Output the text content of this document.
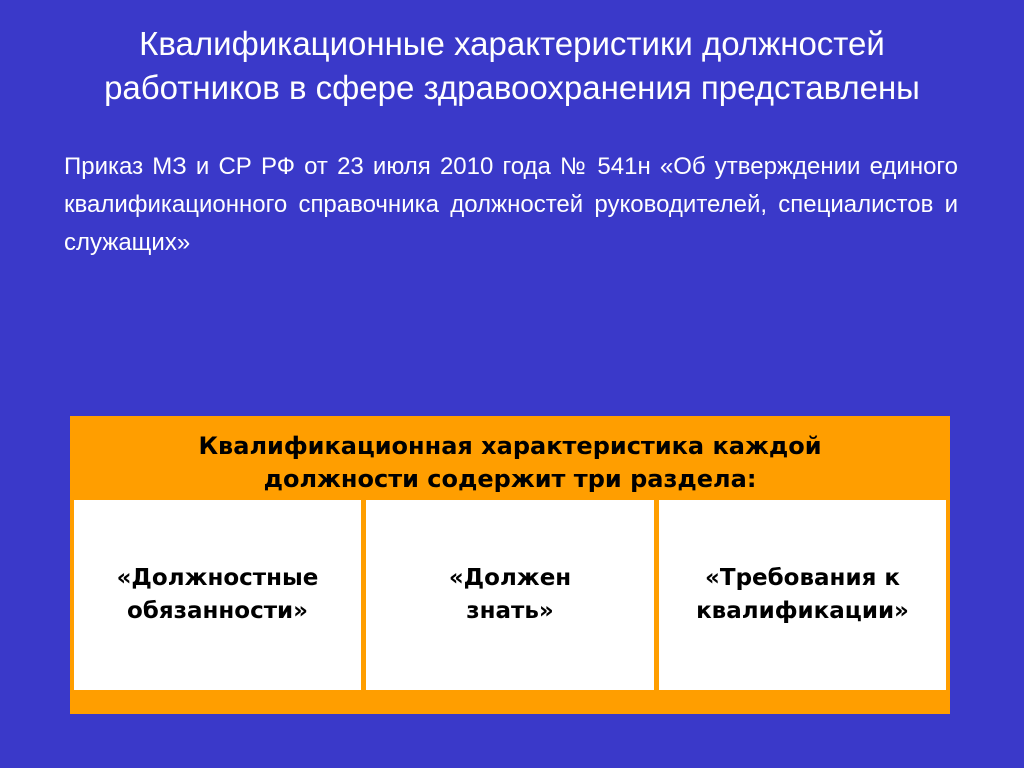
Квалификационные характеристики должностей
работников в сфере здравоохранения представлены
Приказ МЗ и СР РФ от 23 июля 2010 года № 541н «Об утверждении единого квалификационного справочника должностей руководителей, специалистов и служащих»
Квалификационная характеристика каждой
должности содержит три раздела:
«Должностные
обязанности»
«Должен
знать»
«Требования к
квалификации»
